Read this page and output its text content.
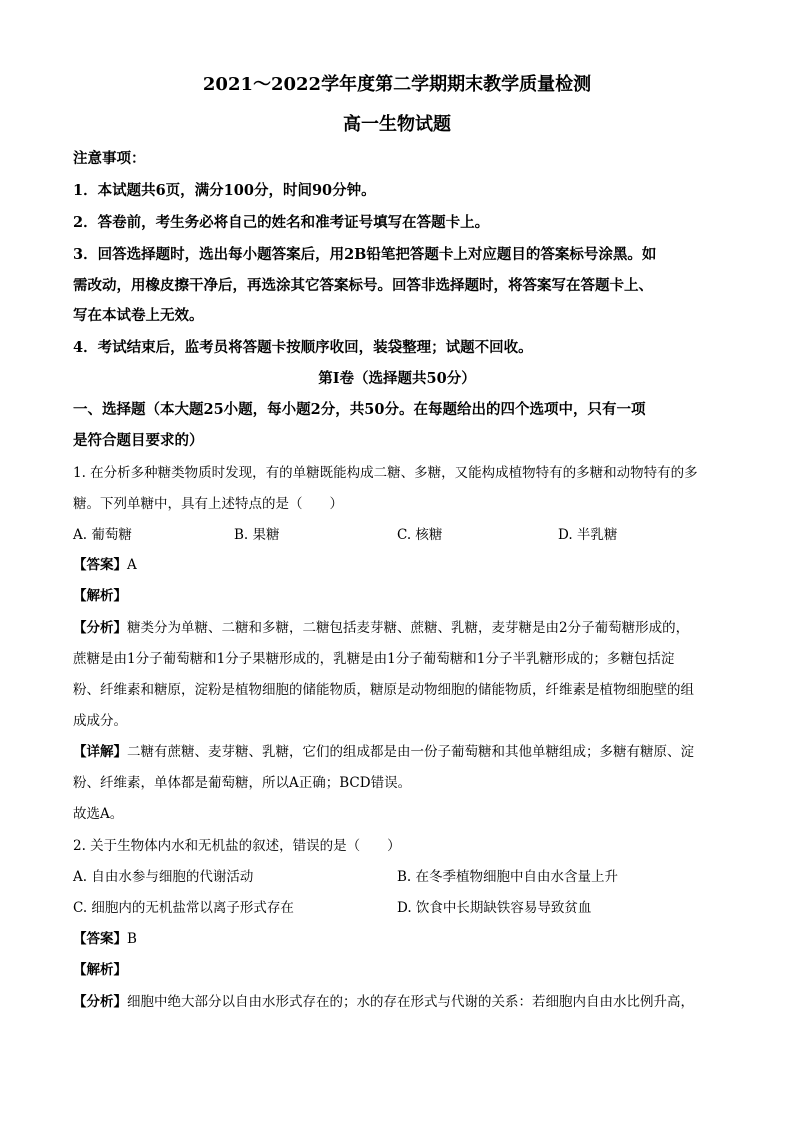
2021～2022学年度第二学期期末教学质量检测
高一生物试题
注意事项：
1．本试题共6页，满分100分，时间90分钟。
2．答卷前，考生务必将自己的姓名和准考证号填写在答题卡上。
3．回答选择题时，选出每小题答案后，用2B铅笔把答题卡上对应题目的答案标号涂黑。如
需改动，用橡皮擦干净后，再选涂其它答案标号。回答非选择题时，将答案写在答题卡上、
写在本试卷上无效。
4．考试结束后，监考员将答题卡按顺序收回，装袋整理；试题不回收。
第I卷（选择题共50分）
一、选择题（本大题25小题，每小题2分，共50分。在每题给出的四个选项中，只有一项
是符合题目要求的）
1. 在分析多种糖类物质时发现，有的单糖既能构成二糖、多糖，又能构成植物特有的多糖和动物特有的多
糖。下列单糖中，具有上述特点的是（　　）
A. 葡萄糖	B. 果糖	C. 核糖	D. 半乳糖
【答案】A
【解析】
【分析】糖类分为单糖、二糖和多糖，二糖包括麦芽糖、蔗糖、乳糖，麦芽糖是由2分子葡萄糖形成的，
蔗糖是由1分子葡萄糖和1分子果糖形成的，乳糖是由1分子葡萄糖和1分子半乳糖形成的；多糖包括淀
粉、纤维素和糖原，淀粉是植物细胞的储能物质，糖原是动物细胞的储能物质，纤维素是植物细胞壁的组
成成分。
【详解】二糖有蔗糖、麦芽糖、乳糖，它们的组成都是由一份子葡萄糖和其他单糖组成；多糖有糖原、淀
粉、纤维素，单体都是葡萄糖，所以A正确；BCD错误。
故选A。
2. 关于生物体内水和无机盐的叙述，错误的是（　　）
A. 自由水参与细胞的代谢活动	B. 在冬季植物细胞中自由水含量上升
C. 细胞内的无机盐常以离子形式存在	D. 饮食中长期缺铁容易导致贫血
【答案】B
【解析】
【分析】细胞中绝大部分以自由水形式存在的；水的存在形式与代谢的关系：若细胞内自由水比例升高，
